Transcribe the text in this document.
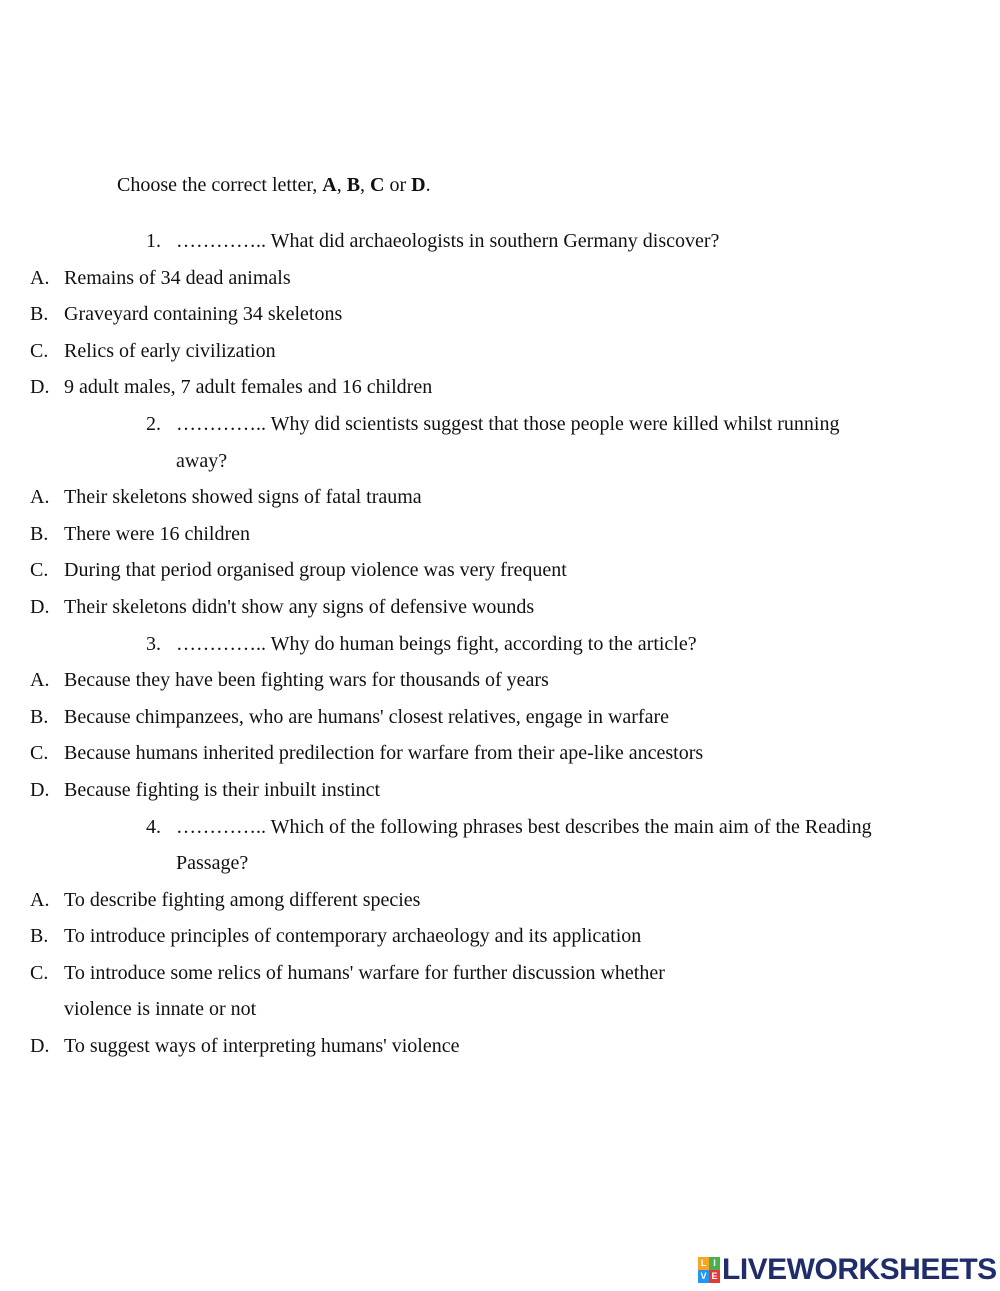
Choose the correct letter, A, B, C or D.
1. ………….. What did archaeologists in southern Germany discover?
A. Remains of 34 dead animals
B. Graveyard containing 34 skeletons
C. Relics of early civilization
D. 9 adult males, 7 adult females and 16 children
2. ………….. Why did scientists suggest that those people were killed whilst running away?
A. Their skeletons showed signs of fatal trauma
B. There were 16 children
C. During that period organised group violence was very frequent
D. Their skeletons didn't show any signs of defensive wounds
3. ………….. Why do human beings fight, according to the article?
A. Because they have been fighting wars for thousands of years
B. Because chimpanzees, who are humans' closest relatives, engage in warfare
C. Because humans inherited predilection for warfare from their ape-like ancestors
D. Because fighting is their inbuilt instinct
4. ………….. Which of the following phrases best describes the main aim of the Reading Passage?
A. To describe fighting among different species
B. To introduce principles of contemporary archaeology and its application
C. To introduce some relics of humans' warfare for further discussion whether violence is innate or not
D. To suggest ways of interpreting humans' violence
L I
V E LIVEWORKSHEETS
